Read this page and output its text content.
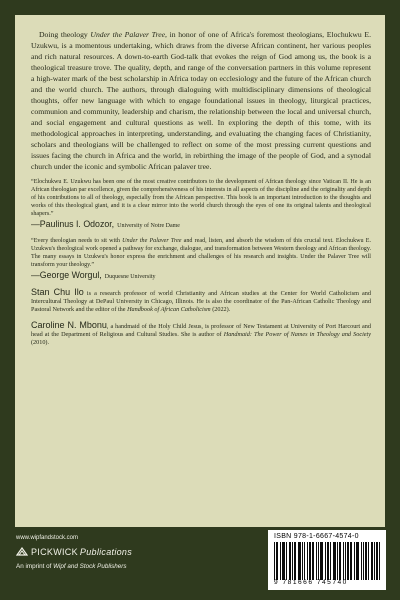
Doing theology Under the Palaver Tree, in honor of one of Africa's foremost theologians, Elochukwu E. Uzukwu, is a momentous undertaking, which draws from the diverse African continent, her various peoples and rich natural resources. A down-to-earth God-talk that evokes the reign of God among us, the book is a theological treasure trove. The quality, depth, and range of the conversation partners in this volume represent a high-water mark of the best scholarship in Africa today on ecclesiology and the future of the African church and the world church. The authors, through dialoguing with multidisciplinary dimensions of theological thoughts, offer new language with which to engage foundational issues in theology, liturgical practices, communion and community, leadership and charism, the relationship between the local and universal church, and social engagement and cultural questions as well. In exploring the depth of this tome, with its methodological approaches in interpreting, understanding, and evaluating the changing faces of Christianity, scholars and theologians will be challenged to reflect on some of the most pressing current questions and issues facing the church in Africa and the world, in rebirthing the image of the people of God, and a synodal church under the iconic and symbolic African palaver tree.

“Elochukwu E. Uzukwu has been one of the most creative contributors to the development of African theology since Vatican II. He is an African theologian par excellence, given the comprehensiveness of his interests in all aspects of the discipline and the originality and depth of his contributions to all of theology, especially from the African perspective. This book is an important introduction to the thoughts and works of this theological giant, and it is a clear mirror into the world church through the eyes of one its original talents and theological shapers.”

—Paulinus I. Odozor, University of Notre Dame

“Every theologian needs to sit with Under the Palaver Tree and read, listen, and absorb the wisdom of this crucial text. Elochukwu E. Uzukwu's theological work opened a pathway for exchange, dialogue, and transformation between Western theology and African theology. The many essays in Uzukwu's honor express the enrichment and challenges of his research and insights. Under the Palaver Tree will transform your theology.”

—George Worgul, Duquesne University

Stan Chu Ilo is a research professor of world Christianity and African studies at the Center for World Catholicism and Intercultural Theology at DePaul University in Chicago, Illinois. He is also the coordinator of the Pan-African Catholic Theology and Pastoral Network and the editor of the Handbook of African Catholicism (2022).

Caroline N. Mbonu, a handmaid of the Holy Child Jesus, is professor of New Testament at University of Port Harcourt and head at the Department of Religious and Cultural Studies. She is author of Handmaid: The Power of Names in Theology and Society (2010).

www.wipfandstock.com
PICKWICK Publications
An imprint of Wipf and Stock Publishers
ISBN 978-1-6667-4574-0
9 781666 745740
